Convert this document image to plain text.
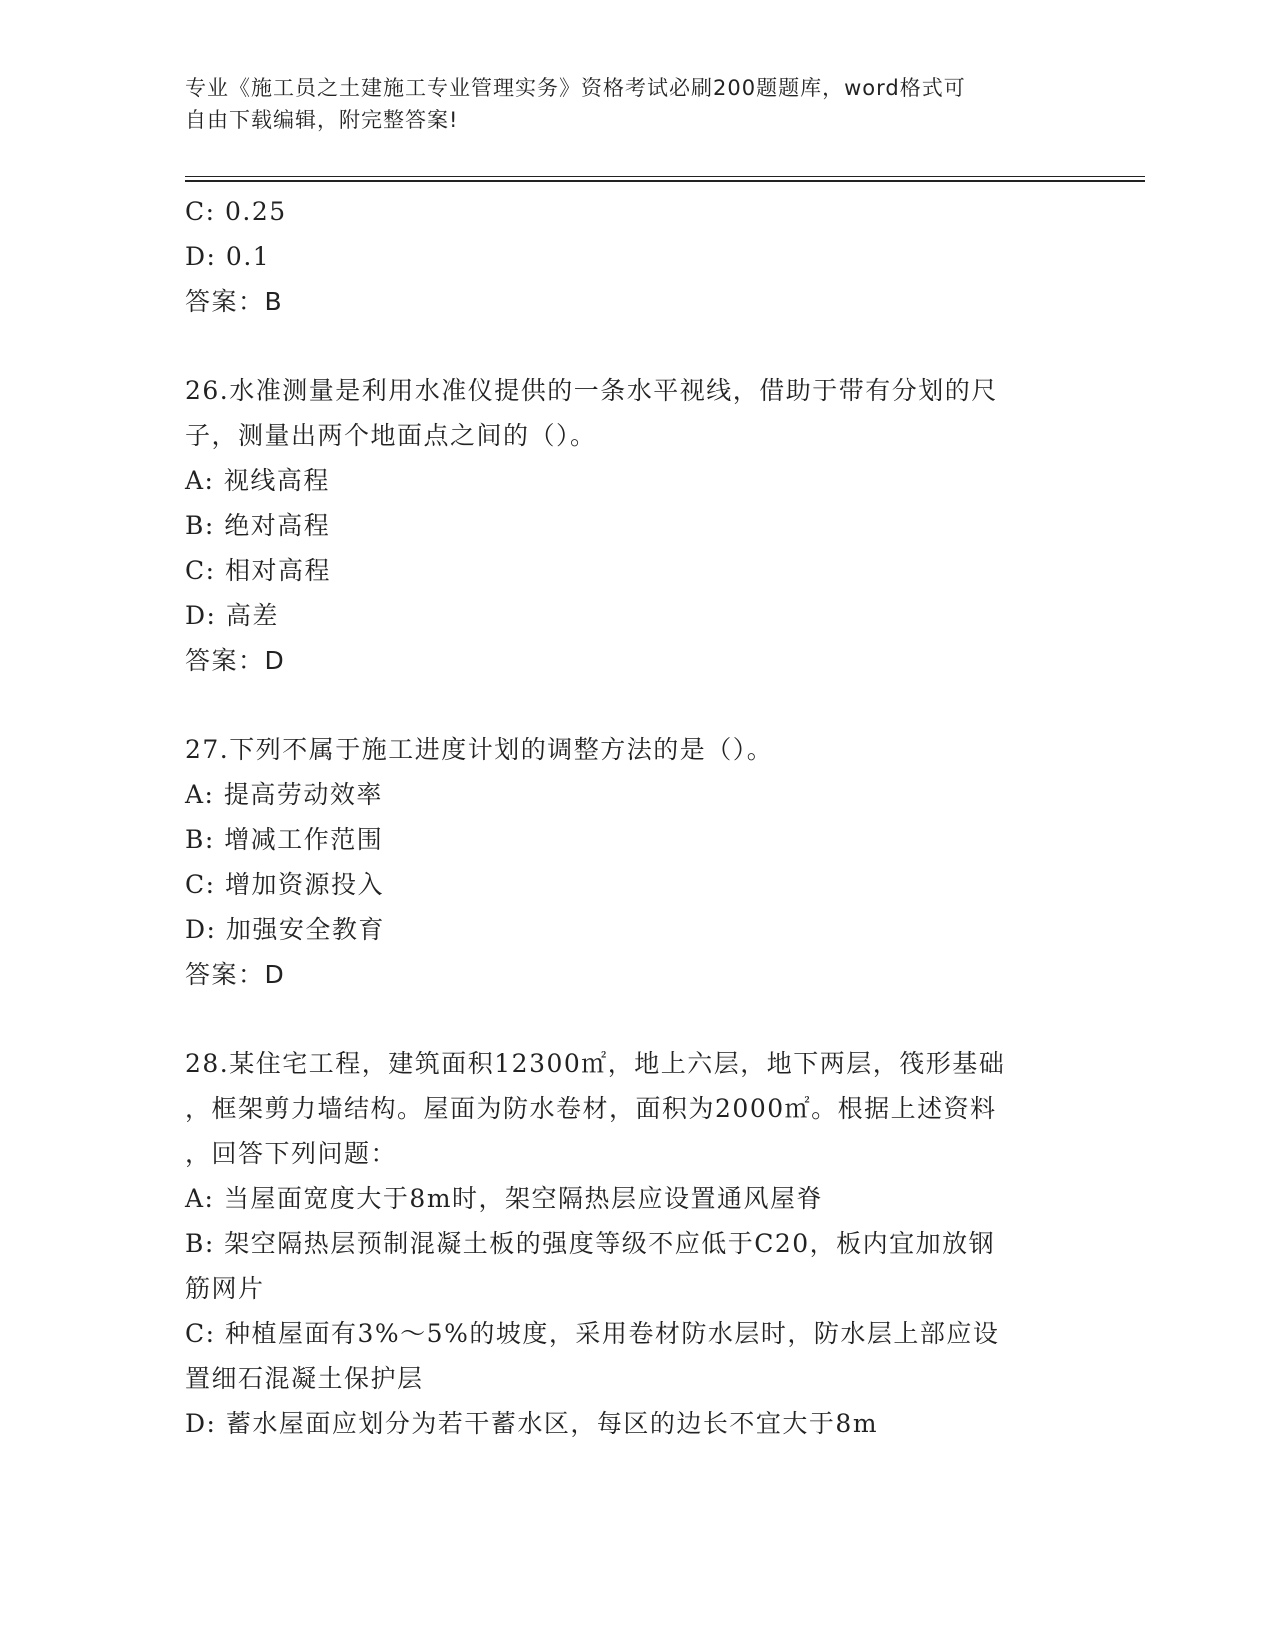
专业《施工员之土建施工专业管理实务》资格考试必刷200题题库，word格式可
自由下载编辑，附完整答案!
C: 0.25
D: 0.1
答案：B
26.水准测量是利用水准仪提供的一条水平视线，借助于带有分划的尺
子，测量出两个地面点之间的（）。
A: 视线高程
B: 绝对高程
C: 相对高程
D: 高差
答案：D
27.下列不属于施工进度计划的调整方法的是（）。
A: 提高劳动效率
B: 增减工作范围
C: 增加资源投入
D: 加强安全教育
答案：D
28.某住宅工程，建筑面积12300㎡，地上六层，地下两层，筏形基础
，框架剪力墙结构。屋面为防水卷材，面积为2000㎡。根据上述资料
，回答下列问题：
A: 当屋面宽度大于8m时，架空隔热层应设置通风屋脊
B: 架空隔热层预制混凝土板的强度等级不应低于C20，板内宜加放钢
筋网片
C: 种植屋面有3%～5%的坡度，采用卷材防水层时，防水层上部应设
置细石混凝土保护层
D: 蓄水屋面应划分为若干蓄水区，每区的边长不宜大于8m
